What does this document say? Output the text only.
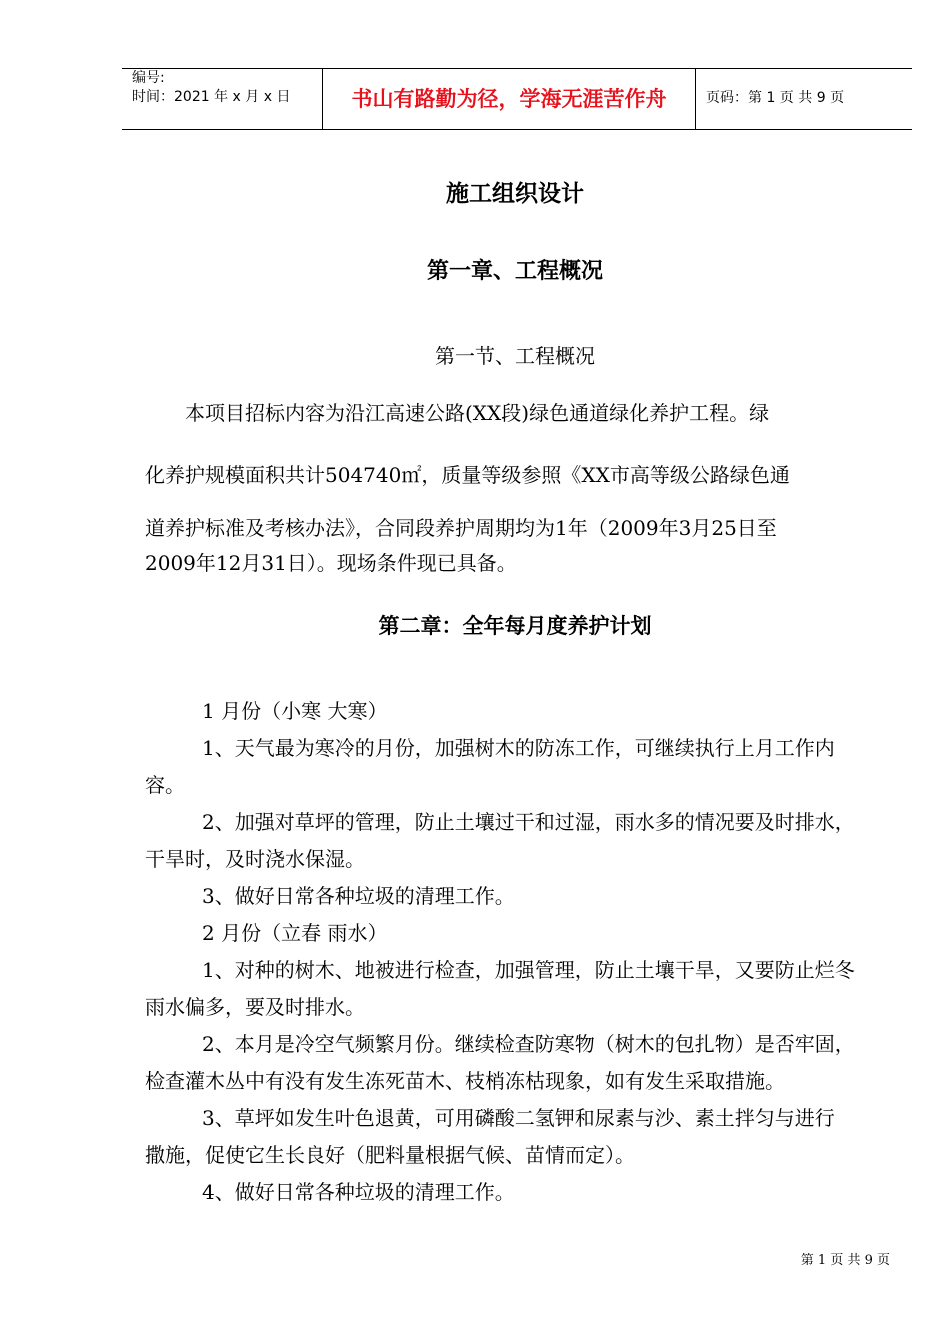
编号:
时间：2021 年 x 月 x 日	书山有路勤为径，学海无涯苦作舟	页码：第 1 页 共 9 页
施工组织设计
第一章、工程概况
第一节、工程概况
本项目招标内容为沿江高速公路(XX段)绿色通道绿化养护工程。绿
化养护规模面积共计504740㎡，质量等级参照《XX市高等级公路绿色通
道养护标准及考核办法》，合同段养护周期均为1年（2009年3月25日至
2009年12月31日）。现场条件现已具备。
第二章：全年每月度养护计划
1 月份（小寒 大寒）
1、天气最为寒冷的月份，加强树木的防冻工作，可继续执行上月工作内
容。
2、加强对草坪的管理，防止土壤过干和过湿，雨水多的情况要及时排水，
干旱时，及时浇水保湿。
3、做好日常各种垃圾的清理工作。
2 月份（立春 雨水）
1、对种的树木、地被进行检查，加强管理，防止土壤干旱，又要防止烂冬
雨水偏多，要及时排水。
2、本月是冷空气频繁月份。继续检查防寒物（树木的包扎物）是否牢固，
检查灌木丛中有没有发生冻死苗木、枝梢冻枯现象，如有发生采取措施。
3、草坪如发生叶色退黄，可用磷酸二氢钾和尿素与沙、素土拌匀与进行
撒施，促使它生长良好（肥料量根据气候、苗情而定）。
4、做好日常各种垃圾的清理工作。
第 1 页 共 9 页
